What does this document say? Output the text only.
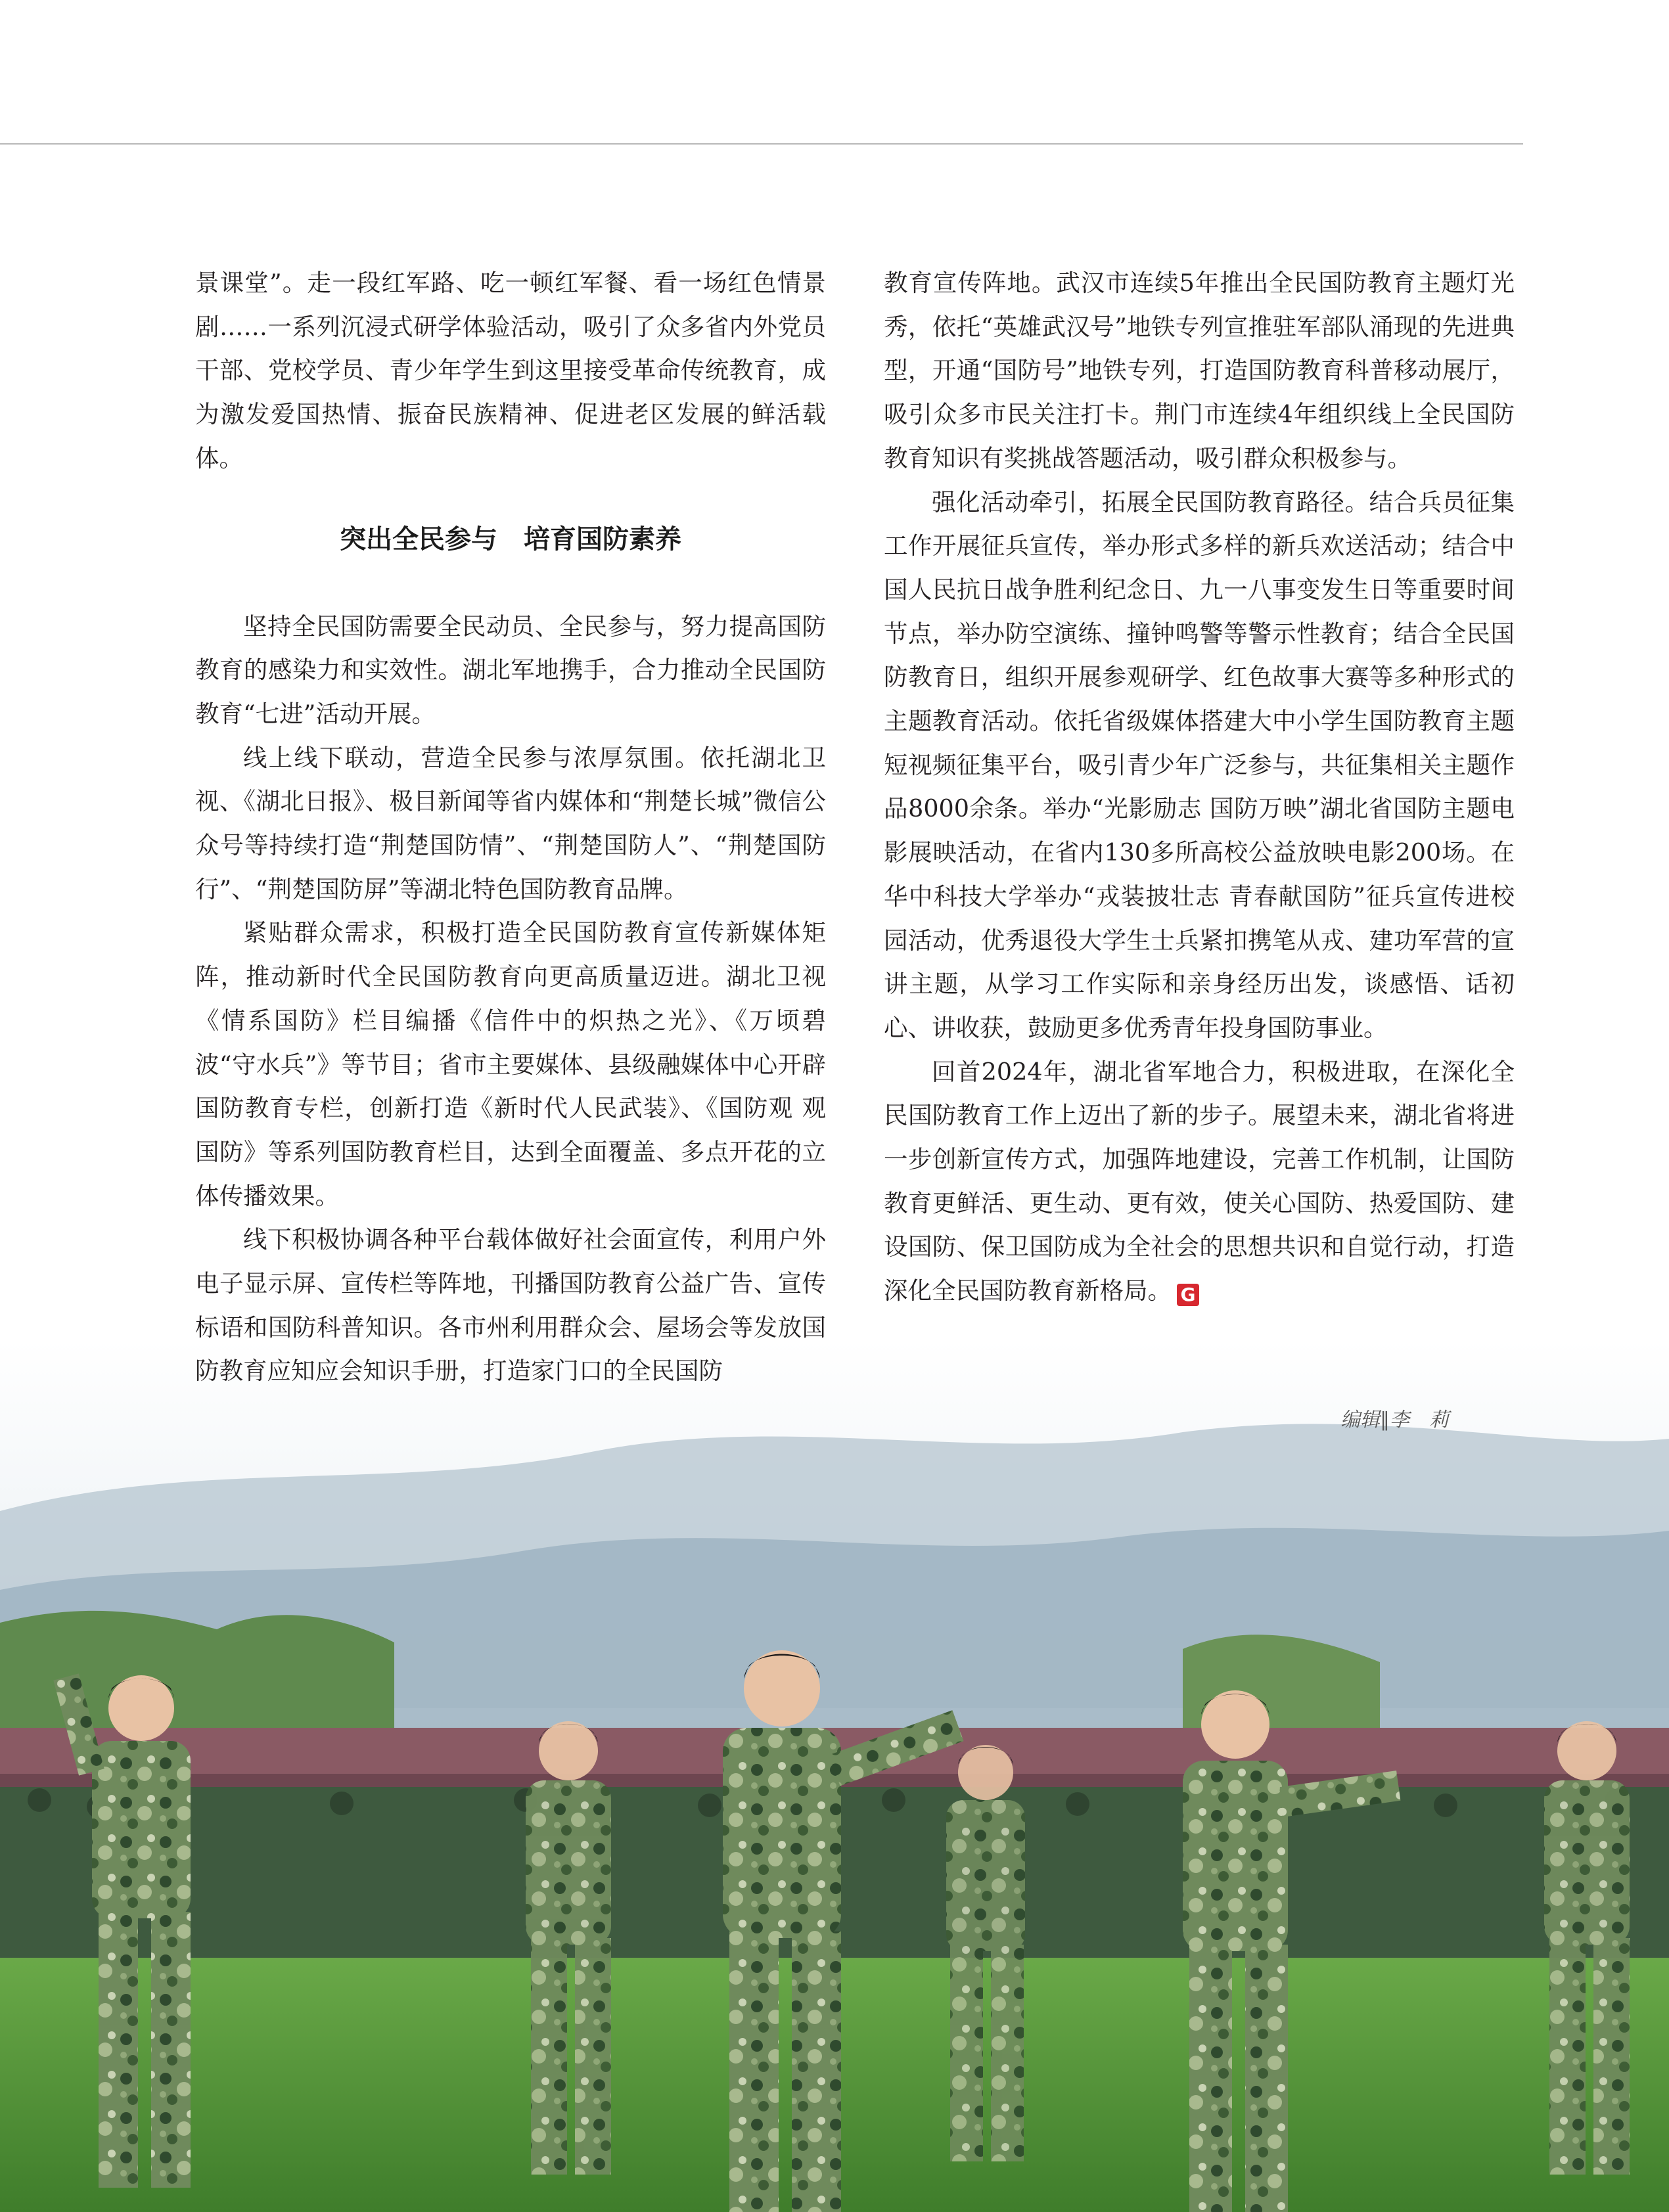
景课堂”。走一段红军路、吃一顿红军餐、看一场红色情景剧……一系列沉浸式研学体验活动，吸引了众多省内外党员干部、党校学员、青少年学生到这里接受革命传统教育，成为激发爱国热情、振奋民族精神、促进老区发展的鲜活载体。

突出全民参与　培育国防素养

坚持全民国防需要全民动员、全民参与，努力提高国防教育的感染力和实效性。湖北军地携手，合力推动全民国防教育“七进”活动开展。

线上线下联动，营造全民参与浓厚氛围。依托湖北卫视、《湖北日报》、极目新闻等省内媒体和“荆楚长城”微信公众号等持续打造“荆楚国防情”、“荆楚国防人”、“荆楚国防行”、“荆楚国防屏”等湖北特色国防教育品牌。

紧贴群众需求，积极打造全民国防教育宣传新媒体矩阵，推动新时代全民国防教育向更高质量迈进。湖北卫视《情系国防》栏目编播《信件中的炽热之光》、《万顷碧波“守水兵”》等节目；省市主要媒体、县级融媒体中心开辟国防教育专栏，创新打造《新时代人民武装》、《国防观 观国防》等系列国防教育栏目，达到全面覆盖、多点开花的立体传播效果。

线下积极协调各种平台载体做好社会面宣传，利用户外电子显示屏、宣传栏等阵地，刊播国防教育公益广告、宣传标语和国防科普知识。各市州利用群众会、屋场会等发放国防教育应知应会知识手册，打造家门口的全民国防

教育宣传阵地。武汉市连续5年推出全民国防教育主题灯光秀，依托“英雄武汉号”地铁专列宣推驻军部队涌现的先进典型，开通“国防号”地铁专列，打造国防教育科普移动展厅，吸引众多市民关注打卡。荆门市连续4年组织线上全民国防教育知识有奖挑战答题活动，吸引群众积极参与。

强化活动牵引，拓展全民国防教育路径。结合兵员征集工作开展征兵宣传，举办形式多样的新兵欢送活动；结合中国人民抗日战争胜利纪念日、九一八事变发生日等重要时间节点，举办防空演练、撞钟鸣警等警示性教育；结合全民国防教育日，组织开展参观研学、红色故事大赛等多种形式的主题教育活动。依托省级媒体搭建大中小学生国防教育主题短视频征集平台，吸引青少年广泛参与，共征集相关主题作品8000余条。举办“光影励志 国防万映”湖北省国防主题电影展映活动，在省内130多所高校公益放映电影200场。在华中科技大学举办“戎装披壮志 青春献国防”征兵宣传进校园活动，优秀退役大学生士兵紧扣携笔从戎、建功军营的宣讲主题，从学习工作实际和亲身经历出发，谈感悟、话初心、讲收获，鼓励更多优秀青年投身国防事业。

回首2024年，湖北省军地合力，积极进取，在深化全民国防教育工作上迈出了新的步子。展望未来，湖北省将进一步创新宣传方式，加强阵地建设，完善工作机制，让国防教育更鲜活、更生动、更有效，使关心国防、热爱国防、建设国防、保卫国防成为全社会的思想共识和自觉行动，打造深化全民国防教育新格局。 G

编辑∥李　莉
